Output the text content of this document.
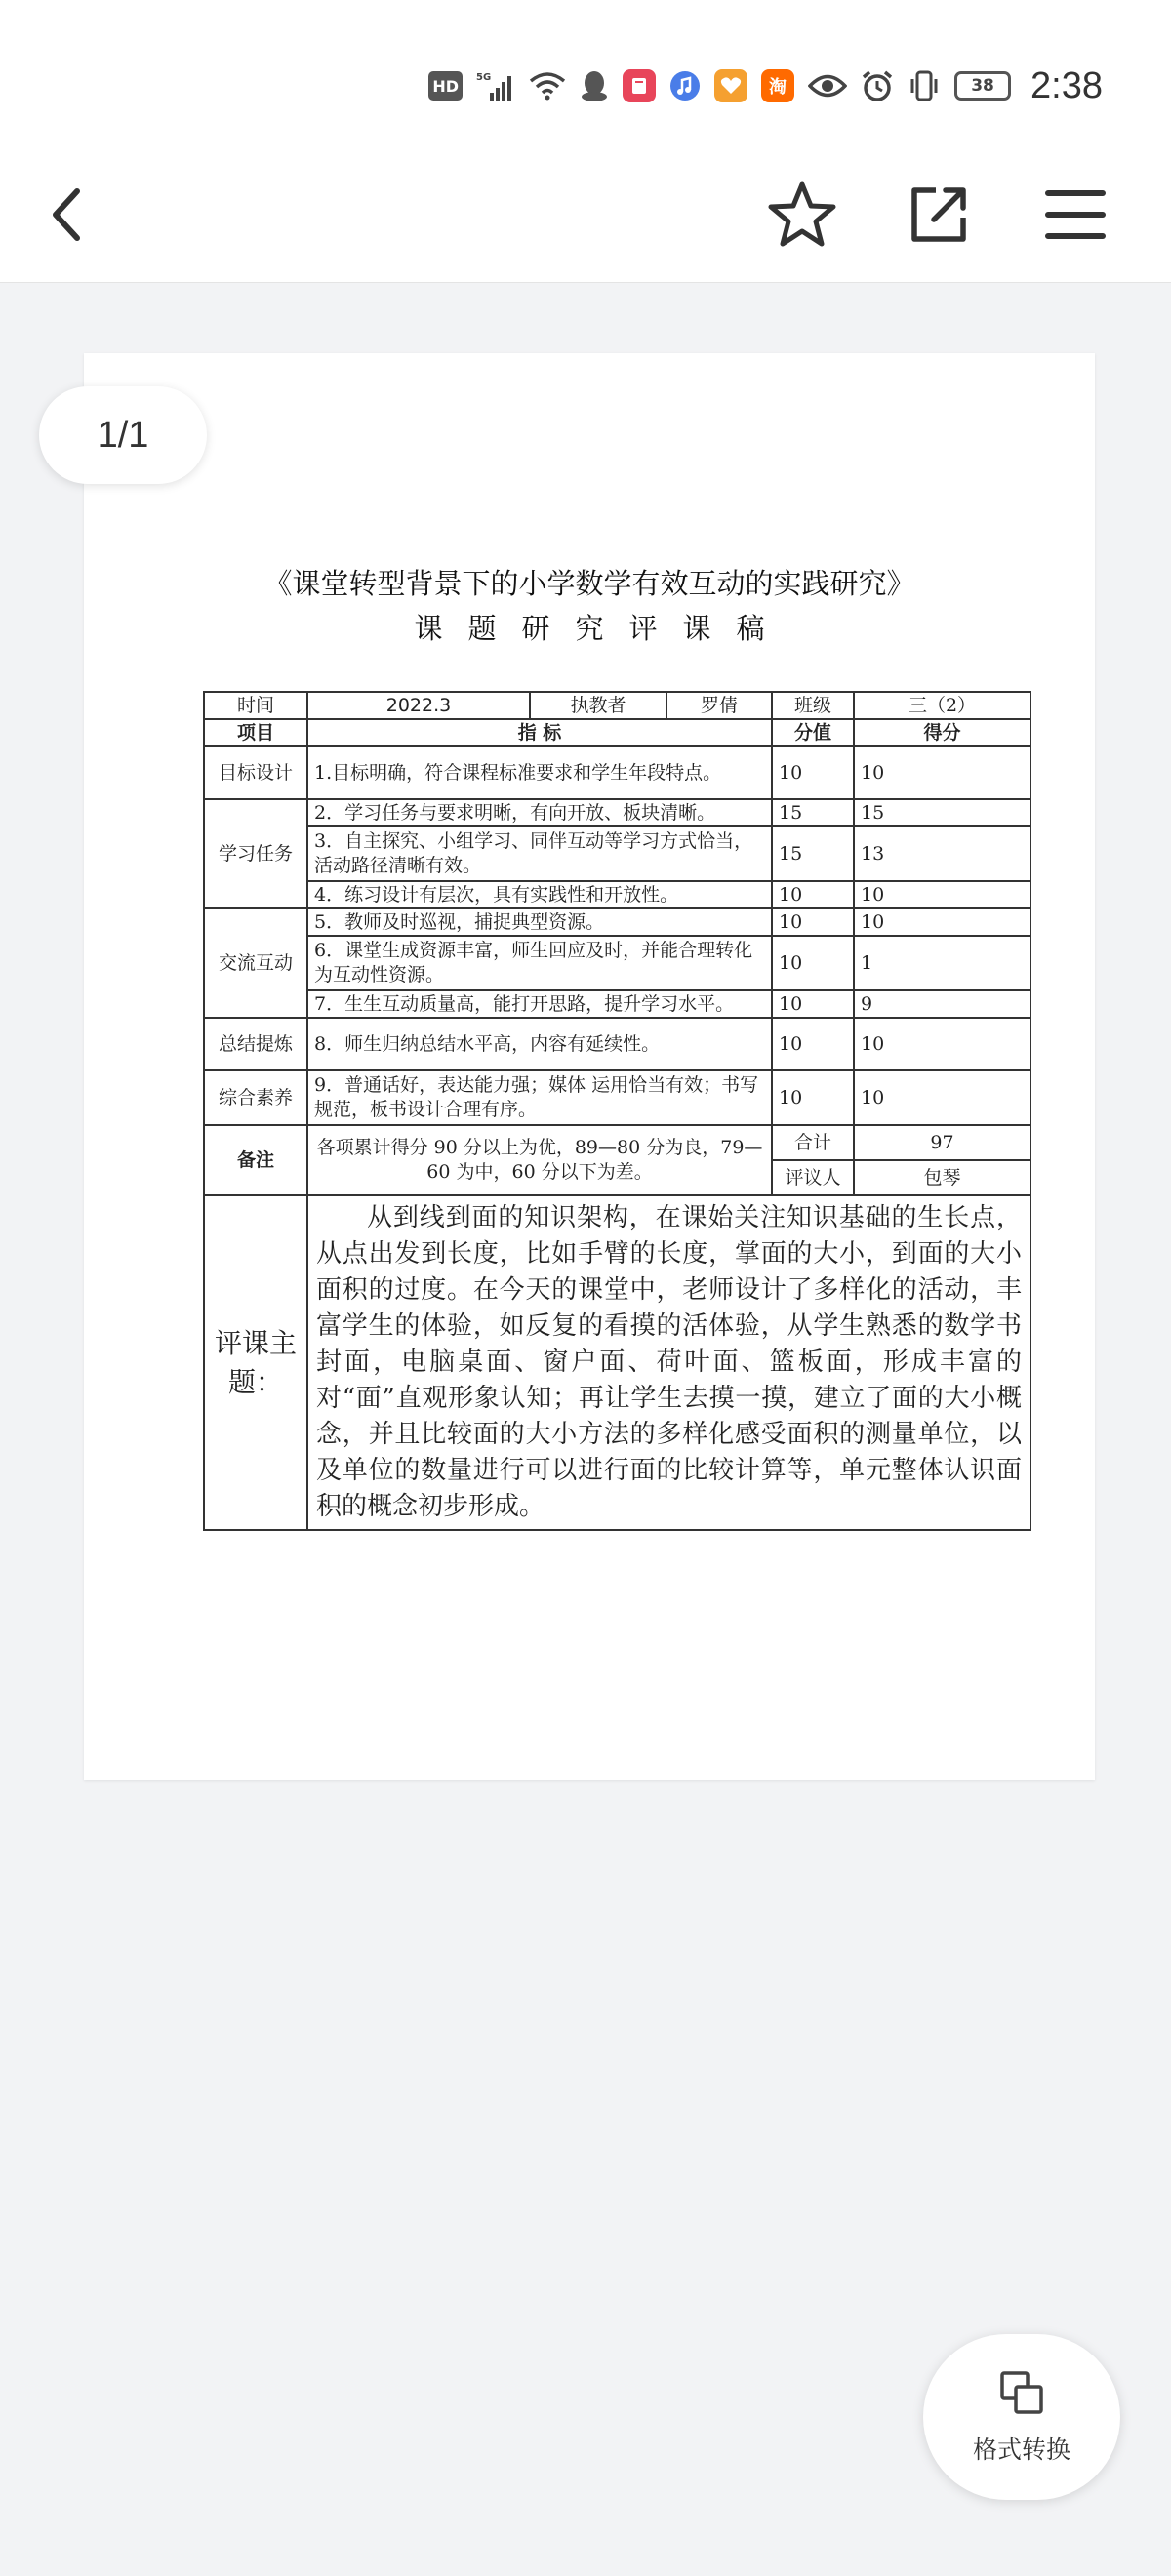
HD	5G	淘	38 2:38
1/1
《课堂转型背景下的小学数学有效互动的实践研究》
课题研究评课稿
时间	2022.3	执教者	罗倩	班级	三（2）
项目	指 标			分值	得分
目标设计	1.目标明确，符合课程标准要求和学生年段特点。			10	10
学习任务	2．学习任务与要求明晰，有向开放、板块清晰。			15	15
	3．自主探究、小组学习、同伴互动等学习方式恰当，活动路径清晰有效。			15	13
	4．练习设计有层次，具有实践性和开放性。			10	10
交流互动	5．教师及时巡视，捕捉典型资源。			10	10
	6．课堂生成资源丰富，师生回应及时，并能合理转化为互动性资源。			10	1
	7．生生互动质量高，能打开思路，提升学习水平。			10	9
总结提炼	8．师生归纳总结水平高，内容有延续性。			10	10
综合素养	9．普通话好，表达能力强；媒体 运用恰当有效；书写规范，板书设计合理有序。			10	10
备注	各项累计得分 90 分以上为优，89—80 分为良，79—60 为中，60 分以下为差。			合计	97
				评议人	包琴
评课主题：	从到线到面的知识架构，在课始关注知识基础的生长点，从点出发到长度，比如手臂的长度，掌面的大小，到面的大小面积的过度。在今天的课堂中，老师设计了多样化的活动，丰富学生的体验，如反复的看摸的活体验，从学生熟悉的数学书封面，电脑桌面、窗户面、荷叶面、篮板面，形成丰富的对“面”直观形象认知；再让学生去摸一摸，建立了面的大小概念，并且比较面的大小方法的多样化感受面积的测量单位，以及单位的数量进行可以进行面的比较计算等，单元整体认识面积的概念初步形成。				
格式转换
